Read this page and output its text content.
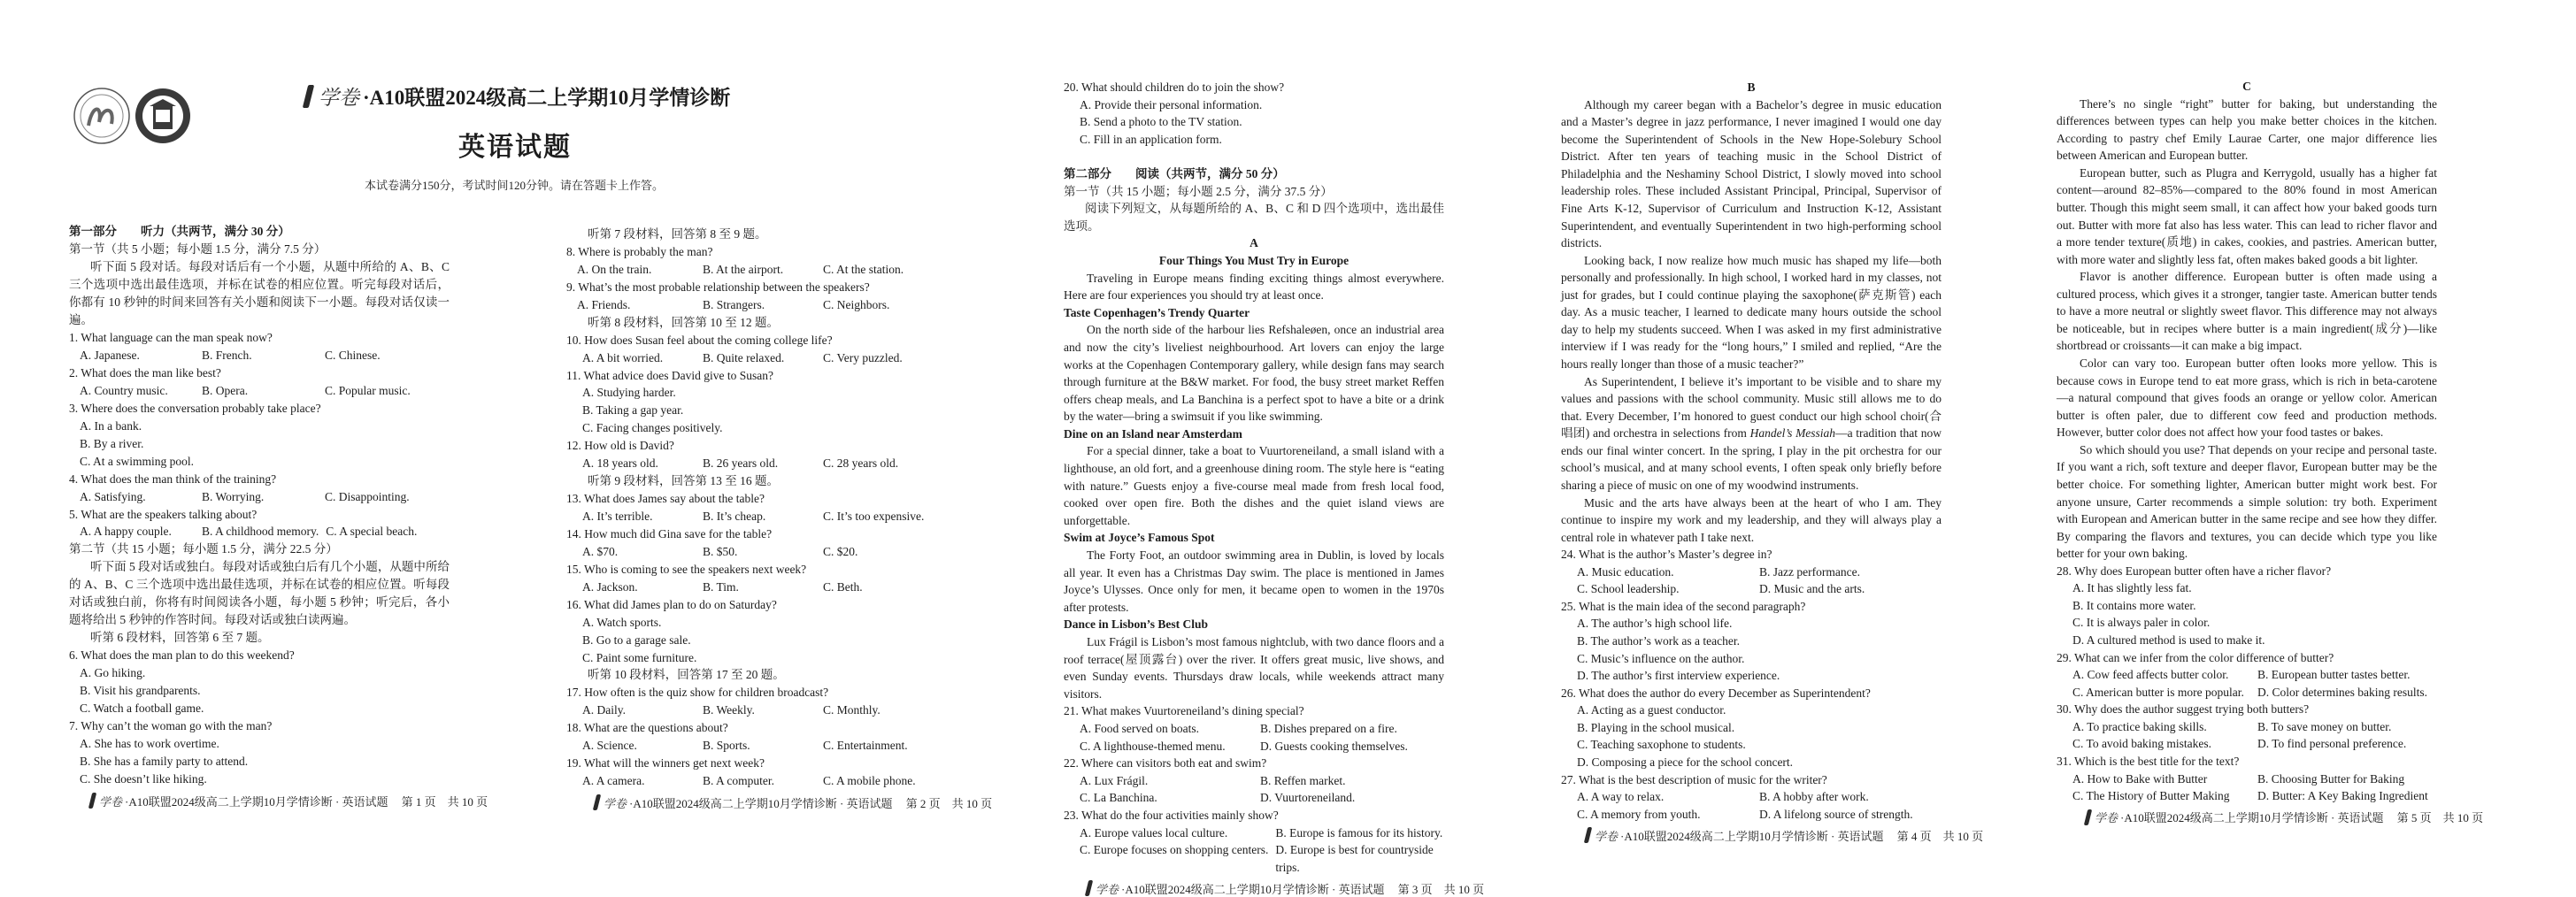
学卷 ·A10联盟2024级高二上学期10月学情诊断
英语试题
本试卷满分150分，考试时间120分钟。请在答题卡上作答。
第一部分　　听力（共两节，满分 30 分）
第一节（共 5 小题；每小题 1.5 分，满分 7.5 分）
听下面 5 段对话。每段对话后有一个小题，从题中所给的 A、B、C 三个选项中选出最佳选项，并标在试卷的相应位置。听完每段对话后，你都有 10 秒钟的时间来回答有关小题和阅读下一小题。每段对话仅读一遍。
1. What language can the man speak now?
A. Japanese.	B. French.	C. Chinese.
2. What does the man like best?
A. Country music.	B. Opera.	C. Popular music.
3. Where does the conversation probably take place?
A. In a bank.
B. By a river.
C. At a swimming pool.
4. What does the man think of the training?
A. Satisfying.	B. Worrying.	C. Disappointing.
5. What are the speakers talking about?
A. A happy couple.	B. A childhood memory. C. A special beach.
第二节（共 15 小题；每小题 1.5 分，满分 22.5 分）
听下面 5 段对话或独白。每段对话或独白后有几个小题，从题中所给的 A、B、C 三个选项中选出最佳选项，并标在试卷的相应位置。听每段对话或独白前，你将有时间阅读各小题，每小题 5 秒钟；听完后，各小题将给出 5 秒钟的作答时间。每段对话或独白读两遍。
听第 6 段材料，回答第 6 至 7 题。
6. What does the man plan to do this weekend?
A. Go hiking.
B. Visit his grandparents.
C. Watch a football game.
7. Why can’t the woman go with the man?
A. She has to work overtime.
B. She has a family party to attend.
C. She doesn’t like hiking.
学卷 ·A10联盟2024级高二上学期10月学情诊断 · 英语试题 第 1 页　共 10 页
听第 7 段材料，回答第 8 至 9 题。
8. Where is probably the man?
A. On the train.	B. At the airport.	C. At the station.
9. What’s the most probable relationship between the speakers?
A. Friends.	B. Strangers.	C. Neighbors.
听第 8 段材料，回答第 10 至 12 题。
10. How does Susan feel about the coming college life?
A. A bit worried.	B. Quite relaxed.	C. Very puzzled.
11. What advice does David give to Susan?
A. Studying harder.
B. Taking a gap year.
C. Facing changes positively.
12. How old is David?
A. 18 years old.	B. 26 years old.	C. 28 years old.
听第 9 段材料，回答第 13 至 16 题。
13. What does James say about the table?
A. It’s terrible.	B. It’s cheap.	C. It’s too expensive.
14. How much did Gina save for the table?
A. $70.	B. $50.	C. $20.
15. Who is coming to see the speakers next week?
A. Jackson.	B. Tim.	C. Beth.
16. What did James plan to do on Saturday?
A. Watch sports.
B. Go to a garage sale.
C. Paint some furniture.
听第 10 段材料，回答第 17 至 20 题。
17. How often is the quiz show for children broadcast?
A. Daily.	B. Weekly.	C. Monthly.
18. What are the questions about?
A. Science.	B. Sports.	C. Entertainment.
19. What will the winners get next week?
A. A camera.	B. A computer.	C. A mobile phone.
学卷 ·A10联盟2024级高二上学期10月学情诊断 · 英语试题 第 2 页　共 10 页
20. What should children do to join the show?
A. Provide their personal information.
B. Send a photo to the TV station.
C. Fill in an application form.
第二部分　　阅读（共两节，满分 50 分）
第一节（共 15 小题；每小题 2.5 分，满分 37.5 分）
阅读下列短文，从每题所给的 A、B、C 和 D 四个选项中，选出最佳选项。
A
Four Things You Must Try in Europe
Traveling in Europe means finding exciting things almost everywhere. Here are four experiences you should try at least once.
Taste Copenhagen’s Trendy Quarter
On the north side of the harbour lies Refshaleøen, once an industrial area and now the city’s liveliest neighbourhood. Art lovers can enjoy the large works at the Copenhagen Contemporary gallery, while design fans may search through furniture at the B&W market. For food, the busy street market Reffen offers cheap meals, and La Banchina is a perfect spot to have a bite or a drink by the water—bring a swimsuit if you like swimming.
Dine on an Island near Amsterdam
For a special dinner, take a boat to Vuurtoreneiland, a small island with a lighthouse, an old fort, and a greenhouse dining room. The style here is “eating with nature.” Guests enjoy a five-course meal made from fresh local food, cooked over open fire. Both the dishes and the quiet island views are unforgettable.
Swim at Joyce’s Famous Spot
The Forty Foot, an outdoor swimming area in Dublin, is loved by locals all year. It even has a Christmas Day swim. The place is mentioned in James Joyce’s Ulysses. Once only for men, it became open to women in the 1970s after protests.
Dance in Lisbon’s Best Club
Lux Frágil is Lisbon’s most famous nightclub, with two dance floors and a roof terrace(屋顶露台) over the river. It offers great music, live shows, and even Sunday events. Thursdays draw locals, while weekends attract many visitors.
21. What makes Vuurtoreneiland’s dining special?
A. Food served on boats.	B. Dishes prepared on a fire.
C. A lighthouse-themed menu.	D. Guests cooking themselves.
22. Where can visitors both eat and swim?
A. Lux Frágil.	B. Reffen market.
C. La Banchina.	D. Vuurtoreneiland.
23. What do the four activities mainly show?
A. Europe values local culture.	B. Europe is famous for its history.
C. Europe focuses on shopping centers. D. Europe is best for countryside trips.
学卷 ·A10联盟2024级高二上学期10月学情诊断 · 英语试题 第 3 页　共 10 页
B
Although my career began with a Bachelor’s degree in music education and a Master’s degree in jazz performance, I never imagined I would one day become the Superintendent of Schools in the New Hope-Solebury School District. After ten years of teaching music in the School District of Philadelphia and the Neshaminy School District, I slowly moved into school leadership roles. These included Assistant Principal, Principal, Supervisor of Fine Arts K-12, Supervisor of Curriculum and Instruction K-12, Assistant Superintendent, and eventually Superintendent in two high-performing school districts.
Looking back, I now realize how much music has shaped my life—both personally and professionally. In high school, I worked hard in my classes, not just for grades, but I could continue playing the saxophone(萨克斯管) each day. As a music teacher, I learned to dedicate many hours outside the school day to help my students succeed. When I was asked in my first administrative interview if I was ready for the “long hours,” I smiled and replied, “Are the hours really longer than those of a music teacher?”
As Superintendent, I believe it’s important to be visible and to share my values and passions with the school community. Music still allows me to do that. Every December, I’m honored to guest conduct our high school choir(合唱团) and orchestra in selections from Handel’s Messiah—a tradition that now ends our final winter concert. In the spring, I play in the pit orchestra for our school’s musical, and at many school events, I often speak only briefly before sharing a piece of music on one of my woodwind instruments.
Music and the arts have always been at the heart of who I am. They continue to inspire my work and my leadership, and they will always play a central role in whatever path I take next.
24. What is the author’s Master’s degree in?
A. Music education.	B. Jazz performance.
C. School leadership.	D. Music and the arts.
25. What is the main idea of the second paragraph?
A. The author’s high school life.
B. The author’s work as a teacher.
C. Music’s influence on the author.
D. The author’s first interview experience.
26. What does the author do every December as Superintendent?
A. Acting as a guest conductor.
B. Playing in the school musical.
C. Teaching saxophone to students.
D. Composing a piece for the school concert.
27. What is the best description of music for the writer?
A. A way to relax.	B. A hobby after work.
C. A memory from youth.	D. A lifelong source of strength.
学卷 ·A10联盟2024级高二上学期10月学情诊断 · 英语试题 第 4 页　共 10 页
C
There’s no single “right” butter for baking, but understanding the differences between types can help you make better choices in the kitchen. According to pastry chef Emily Laurae Carter, one major difference lies between American and European butter.
European butter, such as Plugra and Kerrygold, usually has a higher fat content—around 82–85%—compared to the 80% found in most American butter. Though this might seem small, it can affect how your baked goods turn out. Butter with more fat also has less water. This can lead to richer flavor and a more tender texture(质地) in cakes, cookies, and pastries. American butter, with more water and slightly less fat, often makes baked goods a bit lighter.
Flavor is another difference. European butter is often made using a cultured process, which gives it a stronger, tangier taste. American butter tends to have a more neutral or slightly sweet flavor. This difference may not always be noticeable, but in recipes where butter is a main ingredient(成分)—like shortbread or croissants—it can make a big impact.
Color can vary too. European butter often looks more yellow. This is because cows in Europe tend to eat more grass, which is rich in beta-carotene—a natural compound that gives foods an orange or yellow color. American butter is often paler, due to different cow feed and production methods. However, butter color does not affect how your food tastes or bakes.
So which should you use? That depends on your recipe and personal taste. If you want a rich, soft texture and deeper flavor, European butter may be the better choice. For something lighter, American butter might work best. For anyone unsure, Carter recommends a simple solution: try both. Experiment with European and American butter in the same recipe and see how they differ. By comparing the flavors and textures, you can decide which type you like better for your own baking.
28. Why does European butter often have a richer flavor?
A. It has slightly less fat.
B. It contains more water.
C. It is always paler in color.
D. A cultured method is used to make it.
29. What can we infer from the color difference of butter?
A. Cow feed affects butter color.	B. European butter tastes better.
C. American butter is more popular.	D. Color determines baking results.
30. Why does the author suggest trying both butters?
A. To practice baking skills.	B. To save money on butter.
C. To avoid baking mistakes.	D. To find personal preference.
31. Which is the best title for the text?
A. How to Bake with Butter	B. Choosing Butter for Baking
C. The History of Butter Making	D. Butter: A Key Baking Ingredient
学卷 ·A10联盟2024级高二上学期10月学情诊断 · 英语试题 第 5 页　共 10 页
